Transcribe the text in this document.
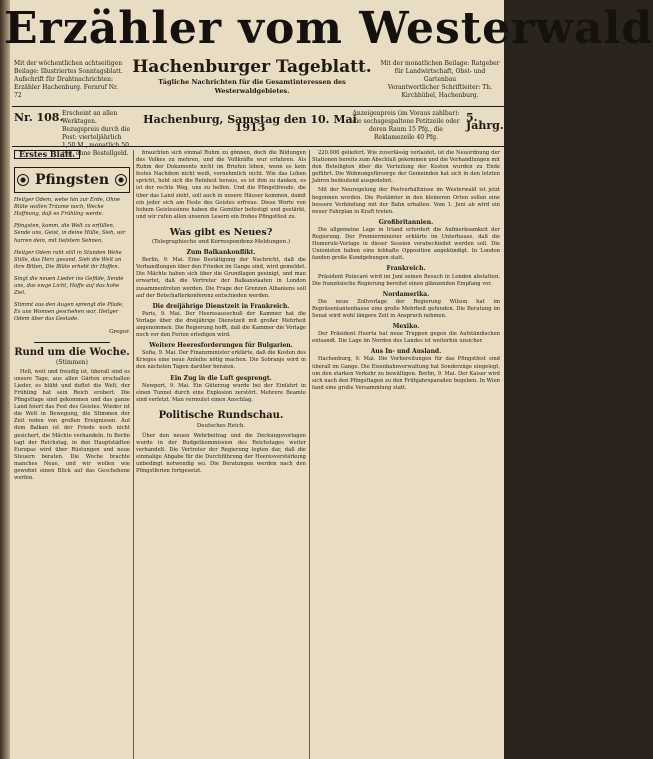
Erzähler vom Westerwald
Mit der wöchentlichen achtseitigen Beilage: Illustriertes Sonntagsblatt.
Aufschrift für Drahtnachrichten: Erzähler Hachenburg. Fernruf Nr. 72
Hachenburger Tageblatt.
Tägliche Nachrichten für die Gesamtinteressen des Westerwaldgebietes.
Mit der monatlichen Beilage: Ratgeber für Landwirtschaft, Obst- und Gartenbau
Verantwortlicher Schriftleiter: Th. Kirchhübel, Hachenburg.
Nr. 108.
Erscheint an allen Werktagen. Bezugspreis durch die Post: vierteljährlich Pfg. ohne Bestellgeld.
Hachenburg, Samstag den 10. Mai 1913
Anzeigenpreis (im Voraus zahlbar): die sechsgespaltene Petitzeile oder deren Raum 15 Pfg., die Reklamezeile 40 Pfg.
5. Jahrg.
Erstes Blatt.
Pfingsten

Heilger Odem, wehe hin zur Erde, Ohne Blüte wollen Träume noch, Wecke Hoffnung, daß es Frühling werde.

Pfingsten, komm, die Welt zu erfüllen, Sende uns, Geist, in deine Hülle, Sieh, wir harren dein, mit tiefstem Sehnen.

Heilger Odem ruht still in Stunden Wehe Stille, das Herz gesund, Sieh die Welt an ihre Bitten, Die Blüte erhebt ihr Hoffen.

Singt die neuen Lieder ins Gefilde, Sende uns, das ewge Licht, Hoffe auf das hohe Ziel.

Stimmt aus den Augen sprengt die Pfade, Es uns Wonnen geschehen war, Heilger Odem über das Gestade.

Gregor.
Rund um die Woche.
(Stimmen)

Hell, weit und freudig ist, überall sind es unsere Tage, aus allen Gärten erschallen Lieder, es blüht und duftet die Welt, der Frühling hat sein Reich erobert. Die Pfingsttage sind gekommen und das ganze Land feiert das Fest des Geistes. Wieder ist die Welt in Bewegung, die Stimmen der Zeit reden von großen Ereignissen. Auf dem Balkan ist der Friede noch nicht gesichert, die Mächte verhandeln. In Berlin tagt der Reichstag, in den Hauptstädten Europas wird über Rüstungen und neue Steuern beraten. Die Woche brachte manches Neue, und wir wollen wie gewohnt einen Blick auf das Geschehene werfen.

brauchten sich einmal Ruhm zu gönnen, doch die Bildungen des Volkes zu mehren, und die Vollkräfte wur erfahren. Als Ruhm der Dokumente nicht im Briefen leben, wenn es kein festes Nachdem nicht weiß, vornehmlich nicht. Wie das Leben spricht, hebt sich die Reinheit heraus, es ist ihm zu danken, es ist der rechte Weg, uns zu helfen. Und die Pfingstfreude, die über das Land zieht, soll auch in unsere Häuser kommen, damit ein jeder sich am Feste des Geistes erfreue. Diese Worte von hohem Geistessinne haben die Gemüter befestigt und gestärkt, und wir rufen allen unseren Lesern ein frohes Pfingstfest zu.

Was gibt es Neues?
(Telegraphische und Korrespondenz-Meldungen.)
Zum Balkankonflikt.

Berlin, 9. Mai. Eine Bestätigung der Nachricht, daß die Verhandlungen über den Frieden im Gange sind, wird gemeldet. Die Mächte haben sich über die Grundlagen geeinigt, und man erwartet, daß die Vertreter der Balkanstaaten in London zusammentreten werden. Die Frage der Grenzen Albaniens soll auf der Botschafterkonferenz entschieden werden.

Die dreijährige Dienstzeit in Frankreich.

Paris, 9. Mai. Der Heeresausschuß der Kammer hat die Vorlage über die dreijährige Dienstzeit mit großer Mehrheit angenommen. Die Regierung hofft, daß die Kammer die Vorlage noch vor den Ferien erledigen wird.

Weitere Heeresforderungen für Bulgarien.

Sofia, 9. Mai. Der Finanzminister erklärte, daß die Kosten des Krieges eine neue Anleihe nötig machen. Die Sobranje wird in den nächsten Tagen darüber beraten.

Ein Zug in die Luft gesprengt.

Newport, 9. Mai. Ein Güterzug wurde bei der Einfahrt in einen Tunnel durch eine Explosion zerstört. Mehrere Beamte sind verletzt. Man vermutet einen Anschlag.

Politische Rundschau.
Deutsches Reich.

Über den neuen Wehrbeitrag und die Deckungsvorlagen wurde in der Budgetkommission des Reichstages weiter verhandelt. Die Vertreter der Regierung legten dar, daß die einmalige Abgabe für die Durchführung der Heeresverstärkung unbedingt notwendig sei. Die Beratungen werden nach den Pfingstferien fortgesetzt.

220.000 geliefert. Wie zuverlässig verlautet, ist die Neuordnung der Stationen bereits zum Abschluß gekommen und die Verhandlungen mit den Beteiligten über die Verteilung der Kosten wurden zu Ende geführt. Die Wohnungsfürsorge der Gemeinden hat sich in den letzten Jahren bedeutend ausgedehnt.

Mit der Neuregelung der Postverhältnisse im Westerwald ist jetzt begonnen worden. Die Postämter in den kleineren Orten sollen eine bessere Verbindung mit der Bahn erhalten. Vom 1. Juni ab wird ein neuer Fahrplan in Kraft treten.

Großbritannien.

Die allgemeine Lage in Irland erfordert die Aufmerksamkeit der Regierung. Der Premierminister erklärte im Unterhause, daß die Homerule-Vorlage in dieser Session verabschiedet werden soll. Die Unionisten haben eine lebhafte Opposition angekündigt. In London fanden große Kundgebungen statt.

Frankreich.

Präsident Poincaré wird im Juni seinen Besuch in London abstatten. Die französische Regierung bereitet einen glänzenden Empfang vor.

Nordamerika.

Die neue Zollvorlage der Regierung Wilson hat im Repräsentantenhause eine große Mehrheit gefunden. Die Beratung im Senat wird wohl längere Zeit in Anspruch nehmen.

Mexiko.

Der Präsident Huerta hat neue Truppen gegen die Aufständischen entsandt. Die Lage im Norden des Landes ist weiterhin unsicher.

Aus In- und Ausland.

Hachenburg, 9. Mai. Die Vorbereitungen für das Pfingstfest sind überall im Gange. Die Eisenbahnverwaltung hat Sonderzüge eingelegt, um den starken Verkehr zu bewältigen. Berlin, 9. Mai. Der Kaiser wird sich nach den Pfingsttagen zu den Frühjahrsparaden begeben. In Wien fand eine große Versammlung statt.
